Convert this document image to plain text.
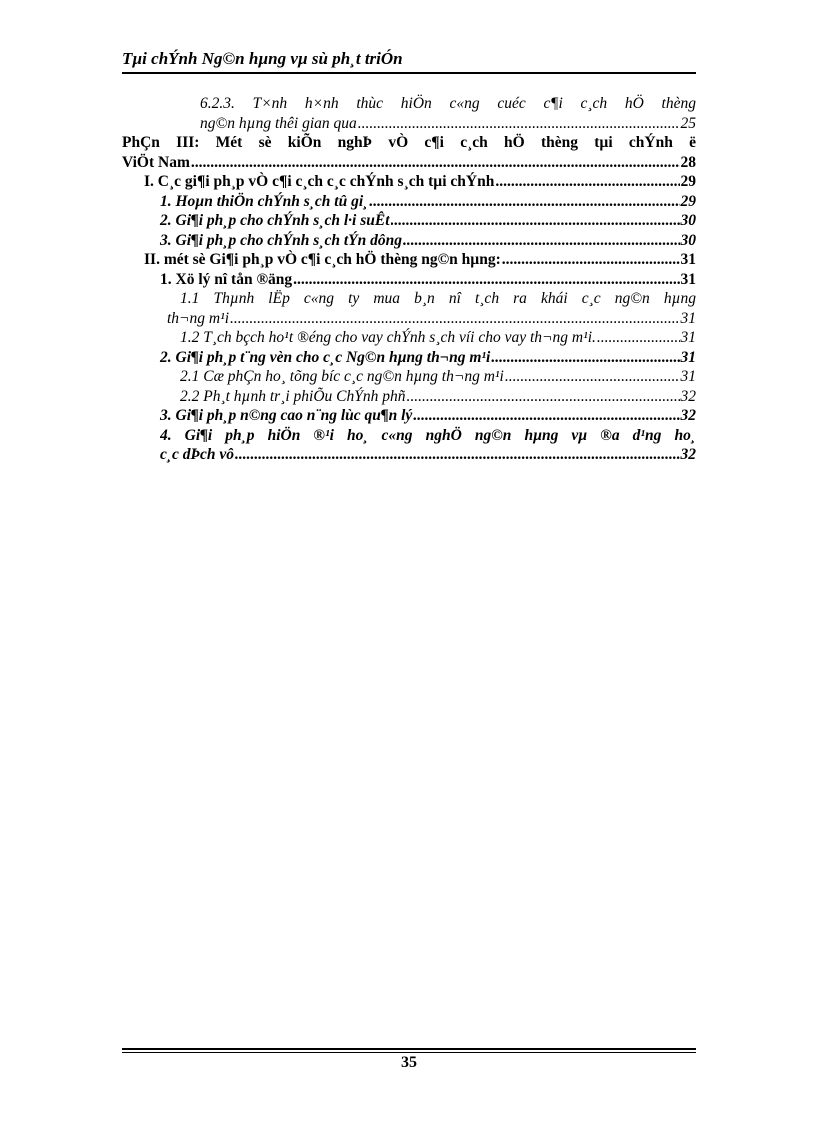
Tµi chÝnh Ng©n hµng vµ sù ph¸t triÓn
6.2.3. T×nh h×nh thùc hiÖn c«ng cuéc c¶i c¸ch hÖ thèng
ng©n hµng thêi gian qua .....	25
PhÇn III: Mét sè kiÕn nghÞ vÒ c¶i c¸ch hÖ thèng tµi chÝnh ë
ViÖt Nam .....	28
I. C¸c gi¶i ph¸p vÒ c¶i c¸ch c¸c chÝnh s¸ch tµi chÝnh .....	29
1. Hoµn thiÖn chÝnh s¸ch tû gi¸ .....	29
2. Gi¶i ph¸p cho chÝnh s¸ch l·i suÊt .....	30
3. Gi¶i ph¸p cho chÝnh s¸ch tÝn dông .....	30
II. mét sè Gi¶i ph¸p vÒ c¶i c¸ch hÖ thèng ng©n hµng: .....	31
1. Xö lý nî tån ®äng .....	31
1.1 Thµnh lËp c«ng ty mua b¸n nî t¸ch ra khái c¸c ng©n hµng
th¬ng m¹i .....	31
1.2 T¸ch bçch ho¹t ®éng cho vay chÝnh s¸ch víi cho vay th¬ng m¹i. .....	31
2. Gi¶i ph¸p t¨ng vèn cho c¸c Ng©n hµng th¬ng m¹i .....	31
2.1 Cæ phÇn ho¸ tõng bíc c¸c ng©n hµng th¬ng m¹i .....	31
2.2 Ph¸t hµnh tr¸i phiÕu ChÝnh phñ .....	32
3. Gi¶i ph¸p n©ng cao n¨ng lùc qu¶n lý .....	32
4. Gi¶i ph¸p hiÖn ®¹i ho¸ c«ng nghÖ ng©n hµng vµ ®a d¹ng ho¸
c¸c dÞch vô .....	32
35
